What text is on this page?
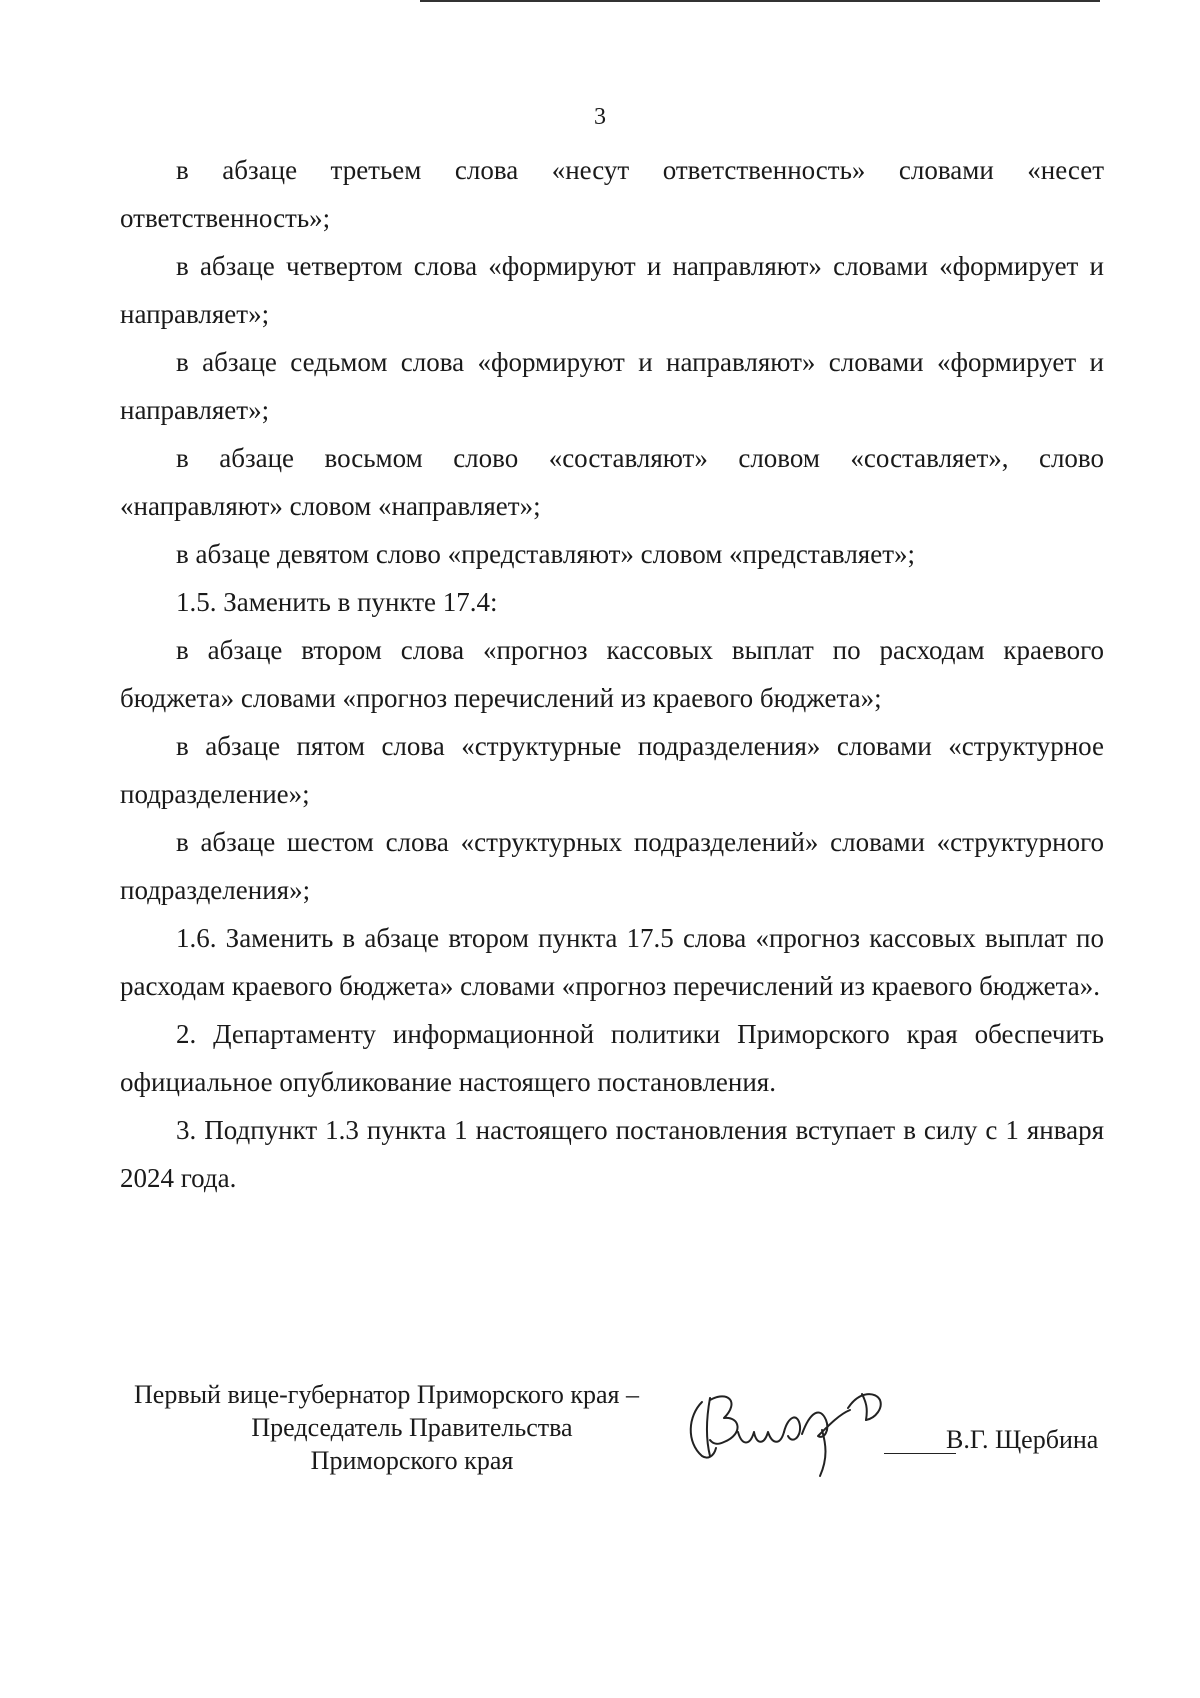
3

в абзаце третьем слова «несут ответственность» словами «несет ответственность»;

в абзаце четвертом слова «формируют и направляют» словами «формирует и направляет»;

в абзаце седьмом слова «формируют и направляют» словами «формирует и направляет»;

в абзаце восьмом слово «составляют» словом «составляет», слово «направляют» словом «направляет»;

в абзаце девятом слово «представляют» словом «представляет»;

1.5. Заменить в пункте 17.4:

в абзаце втором слова «прогноз кассовых выплат по расходам краевого бюджета» словами «прогноз перечислений из краевого бюджета»;

в абзаце пятом слова «структурные подразделения» словами «структурное подразделение»;

в абзаце шестом слова «структурных подразделений» словами «структурного подразделения»;

1.6. Заменить в абзаце втором пункта 17.5 слова «прогноз кассовых выплат по расходам краевого бюджета» словами «прогноз перечислений из краевого бюджета».

2. Департаменту информационной политики Приморского края обеспечить официальное опубликование настоящего постановления.

3. Подпункт 1.3 пункта 1 настоящего постановления вступает в силу с 1 января 2024 года.

Первый вице-губернатор Приморского края –
Председатель Правительства
Приморского края
В.Г. Щербина
